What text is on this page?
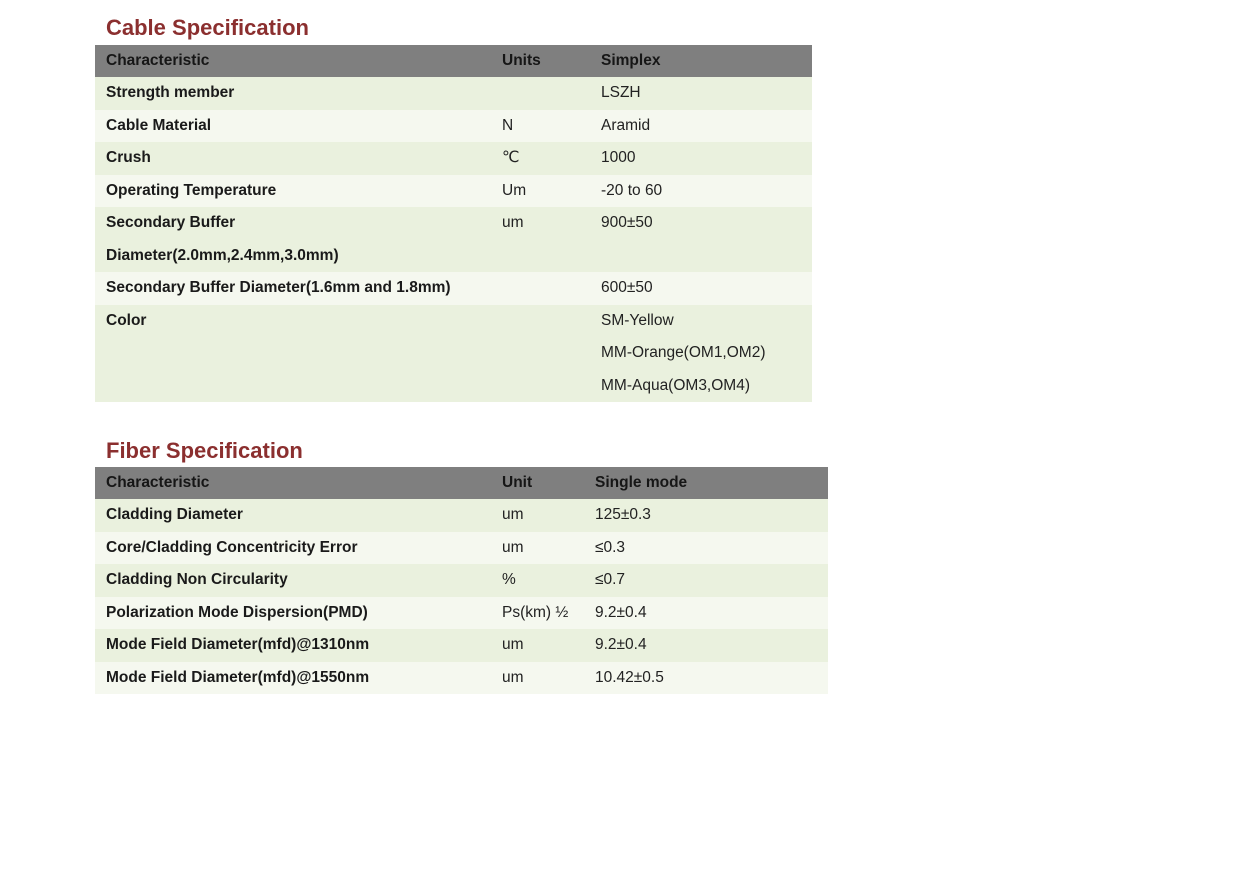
Cable Specification
Characteristic	Units	Simplex

Strength member		LSZH

Cable Material	N	Aramid

Crush	℃	1000

Operating Temperature	Um	-20 to 60

Secondary Buffer
Diameter(2.0mm,2.4mm,3.0mm)	um	900±50

Secondary Buffer Diameter(1.6mm and 1.8mm)		600±50

Color		SM-Yellow
MM-Orange(OM1,OM2)
MM-Aqua(OM3,OM4)
Fiber Specification
Characteristic	Unit	Single mode

Cladding Diameter	um	125±0.3

Core/Cladding Concentricity Error	um	≤0.3

Cladding Non Circularity	%	≤0.7

Polarization Mode Dispersion(PMD)	Ps(km) ½	9.2±0.4

Mode Field Diameter(mfd)@1310nm	um	9.2±0.4

Mode Field Diameter(mfd)@1550nm	um	10.42±0.5
